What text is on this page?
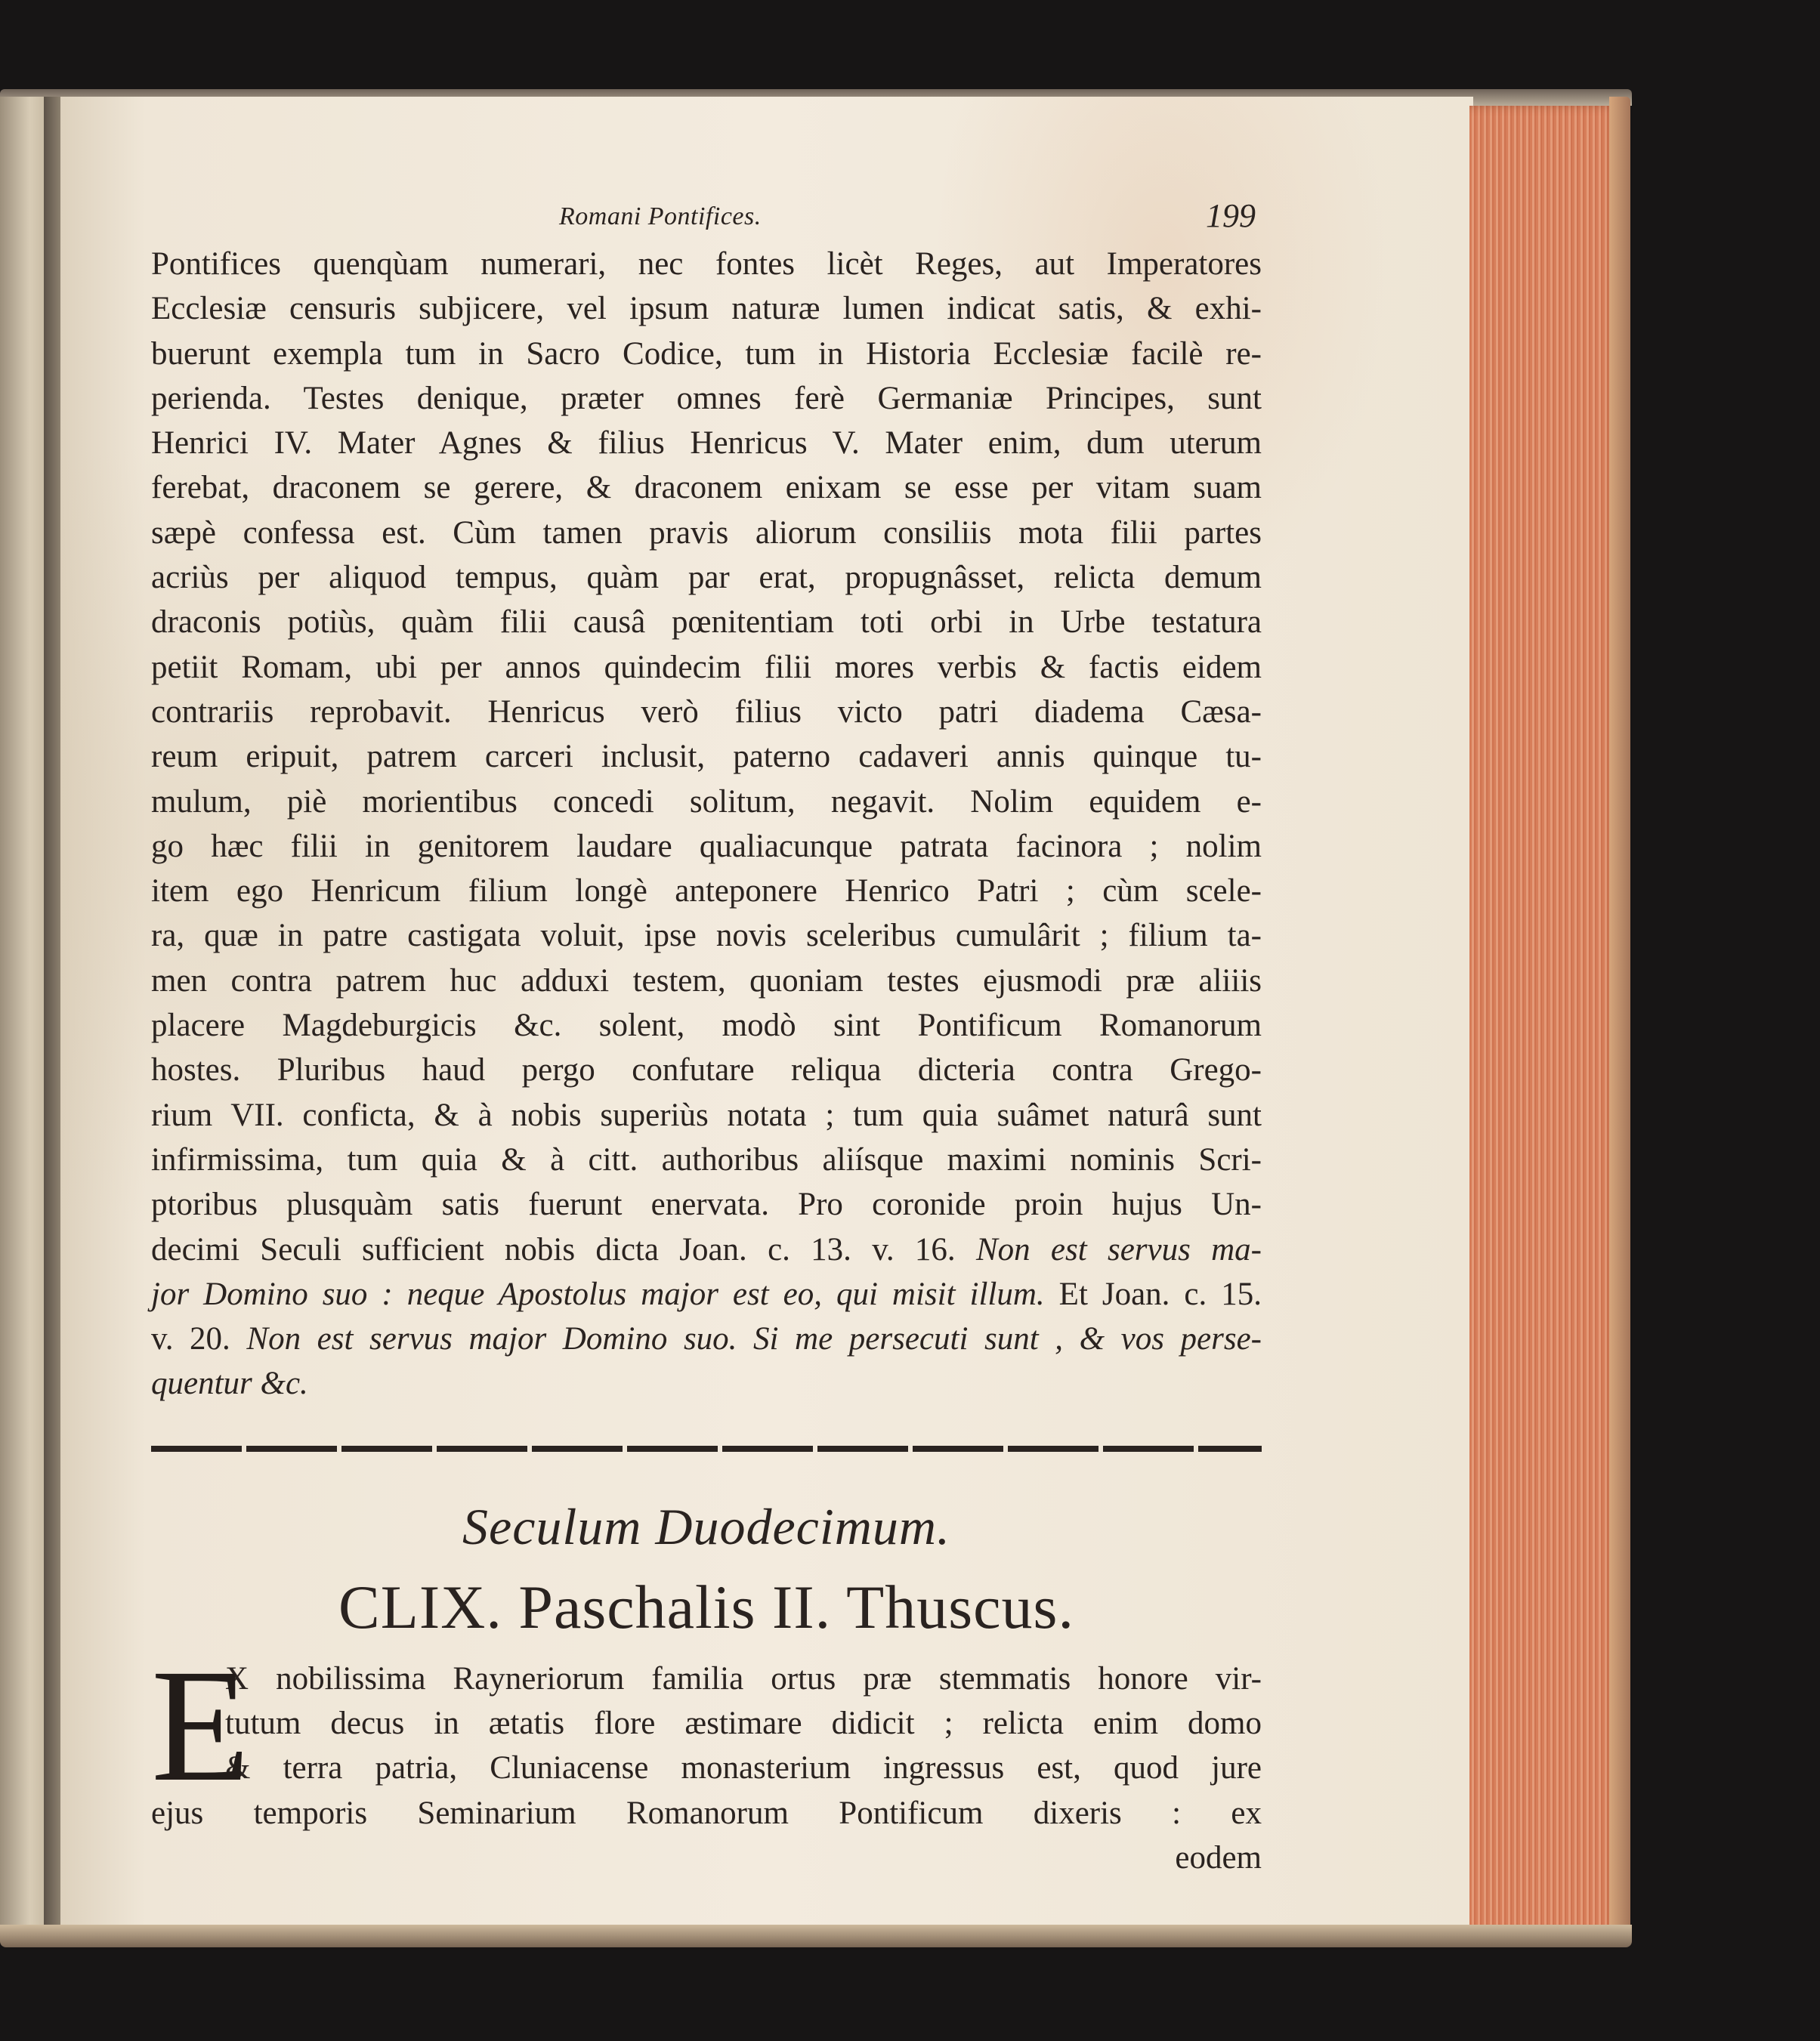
Romani Pontifices.	199
Pontifices quenqùam numerari, nec fontes licèt Reges, aut Imperatores
Ecclesiæ censuris subjicere, vel ipsum naturæ lumen indicat satis, & exhi-
buerunt exempla tum in Sacro Codice, tum in Historia Ecclesiæ facilè re-
perienda. Testes denique, præter omnes ferè Germaniæ Principes, sunt
Henrici IV. Mater Agnes & filius Henricus V. Mater enim, dum uterum
ferebat, draconem se gerere, & draconem enixam se esse per vitam suam
sæpè confessa est. Cùm tamen pravis aliorum consiliis mota filii partes
acriùs per aliquod tempus, quàm par erat, propugnâsset, relicta demum
draconis potiùs, quàm filii causâ pœnitentiam toti orbi in Urbe testatura
petiit Romam, ubi per annos quindecim filii mores verbis & factis eidem
contrariis reprobavit. Henricus verò filius victo patri diadema Cæsa-
reum eripuit, patrem carceri inclusit, paterno cadaveri annis quinque tu-
mulum, piè morientibus concedi solitum, negavit. Nolim equidem e-
go hæc filii in genitorem laudare qualiacunque patrata facinora ; nolim
item ego Henricum filium longè anteponere Henrico Patri ; cùm scele-
ra, quæ in patre castigata voluit, ipse novis sceleribus cumulârit ; filium ta-
men contra patrem huc adduxi testem, quoniam testes ejusmodi præ aliiis
placere Magdeburgicis &c. solent, modò sint Pontificum Romanorum
hostes. Pluribus haud pergo confutare reliqua dicteria contra Grego-
rium VII. conficta, & à nobis superiùs notata ; tum quia suâmet naturâ sunt
infirmissima, tum quia & à citt. authoribus aliísque maximi nominis Scri-
ptoribus plusquàm satis fuerunt enervata. Pro coronide proin hujus Un-
decimi Seculi sufficient nobis dicta Joan. c. 13. v. 16. Non est servus ma-
jor Domino suo : neque Apostolus major est eo, qui misit illum. Et Joan. c. 15.
v. 20. Non est servus major Domino suo. Si me persecuti sunt , & vos perse-
quentur &c.
Seculum Duodecimum.
CLIX. Paschalis II. Thuscus.
E
X nobilissima Rayneriorum familia ortus præ stemmatis honore vir-
tutum decus in ætatis flore æstimare didicit ; relicta enim domo
& terra patria, Cluniacense monasterium ingressus est, quod jure
ejus temporis Seminarium Romanorum Pontificum dixeris : ex
eodem
